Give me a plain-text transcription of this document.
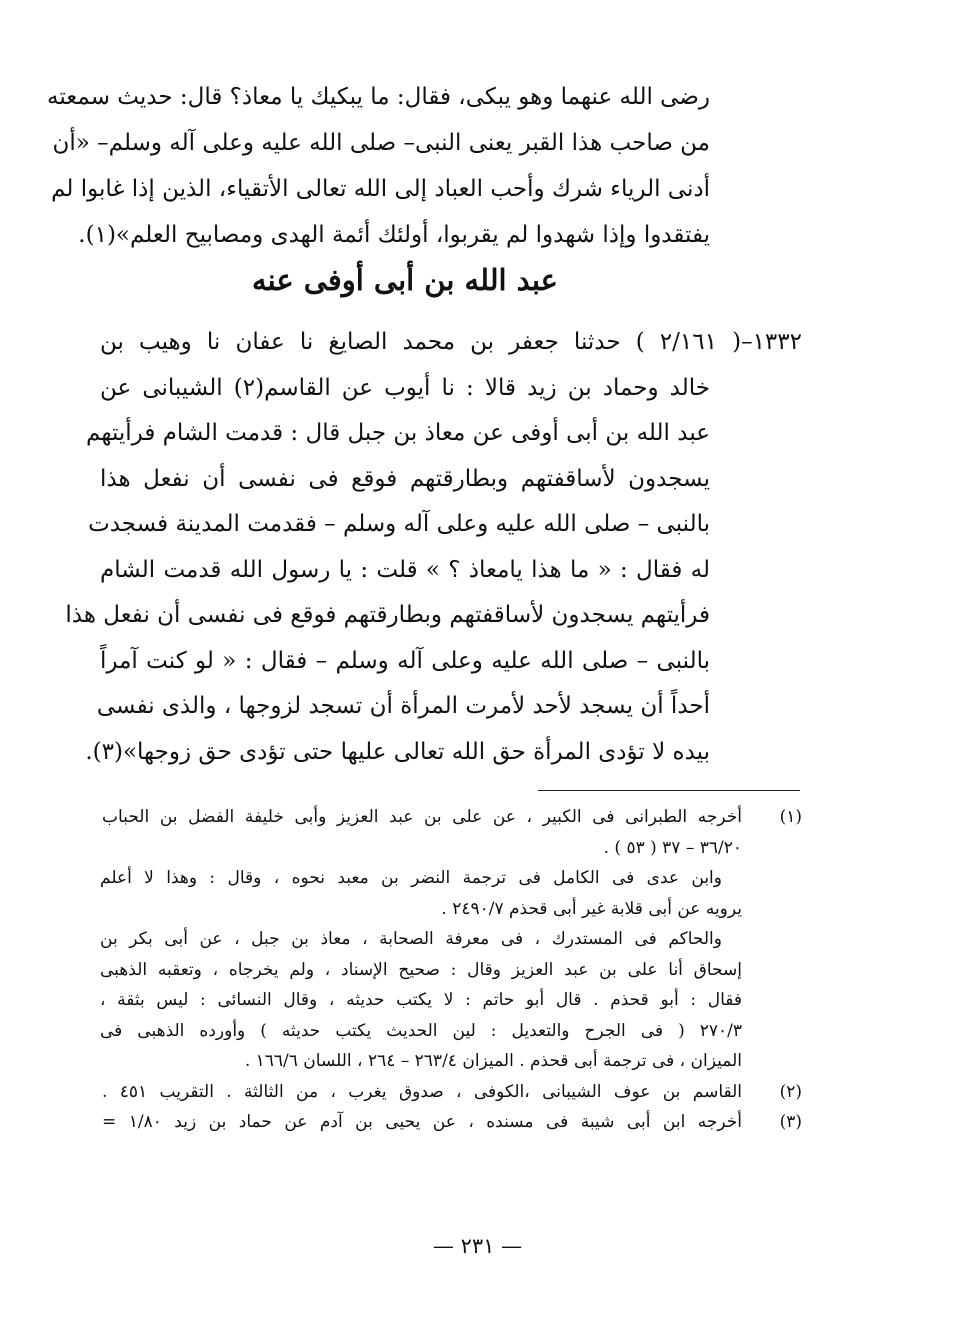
رضى الله عنهما وهو يبكى، فقال: ما يبكيك يا معاذ؟ قال: حديث سمعته
من صاحب هذا القبر يعنى النبى– صلى الله عليه وعلى آله وسلم– «أن
أدنى الرياء شرك وأحب العباد إلى الله تعالى الأتقياء، الذين إذا غابوا لم
يفتقدوا وإذا شهدوا لم يقربوا، أولئك أئمة الهدى ومصابيح العلم»(١).
عبد الله بن أبى أوفى عنه
١٣٣٢–( ٢/١٦١ ) حدثنا جعفر بن محمد الصايغ نا عفان نا وهيب بن
خالد وحماد بن زيد قالا : نا أيوب عن القاسم(٢) الشيبانى عن
عبد الله بن أبى أوفى عن معاذ بن جبل قال : قدمت الشام فرأيتهم
يسجدون لأساقفتهم وبطارقتهم فوقع فى نفسى أن نفعل هذا
بالنبى – صلى الله عليه وعلى آله وسلم – فقدمت المدينة فسجدت
له فقال : « ما هذا يامعاذ ؟ » قلت : يا رسول الله قدمت الشام
فرأيتهم يسجدون لأساقفتهم وبطارقتهم فوقع فى نفسى أن نفعل هذا
بالنبى – صلى الله عليه وعلى آله وسلم – فقال : « لو كنت آمراً
أحداً أن يسجد لأحد لأمرت المرأة أن تسجد لزوجها ، والذى نفسى
بيده لا تؤدى المرأة حق الله تعالى عليها حتى تؤدى حق زوجها»(٣).
(١)أخرجه الطبرانى فى الكبير ، عن على بن عبد العزيز وأبى خليفة الفضل بن الحباب
٣٦/٢٠ – ٣٧ ( ٥٣ ) .
وابن عدى فى الكامل فى ترجمة النضر بن معبد نحوه ، وقال : وهذا لا أعلم
يرويه عن أبى قلابة غير أبى قحذم ٢٤٩٠/٧ .
والحاكم فى المستدرك ، فى معرفة الصحابة ، معاذ بن جبل ، عن أبى بكر بن
إسحاق أنا على بن عبد العزيز وقال : صحيح الإسناد ، ولم يخرجاه ، وتعقبه الذهبى
فقال : أبو قحذم . قال أبو حاتم : لا يكتب حديثه ، وقال النسائى : ليس بثقة ،
٢٧٠/٣ ( فى الجرح والتعديل : لين الحديث يكتب حديثه ) وأورده الذهبى فى
الميزان ، فى ترجمة أبى قحذم . الميزان ٢٦٣/٤ – ٢٦٤ ، اللسان ١٦٦/٦ .
(٢)القاسم بن عوف الشيبانى ،الكوفى ، صدوق يغرب ، من الثالثة . التقريب ٤٥١ .
(٣)أخرجه ابن أبى شيبة فى مسنده ، عن يحيى بن آدم عن حماد بن زيد ١/٨٠ =
— ٢٣١ —
